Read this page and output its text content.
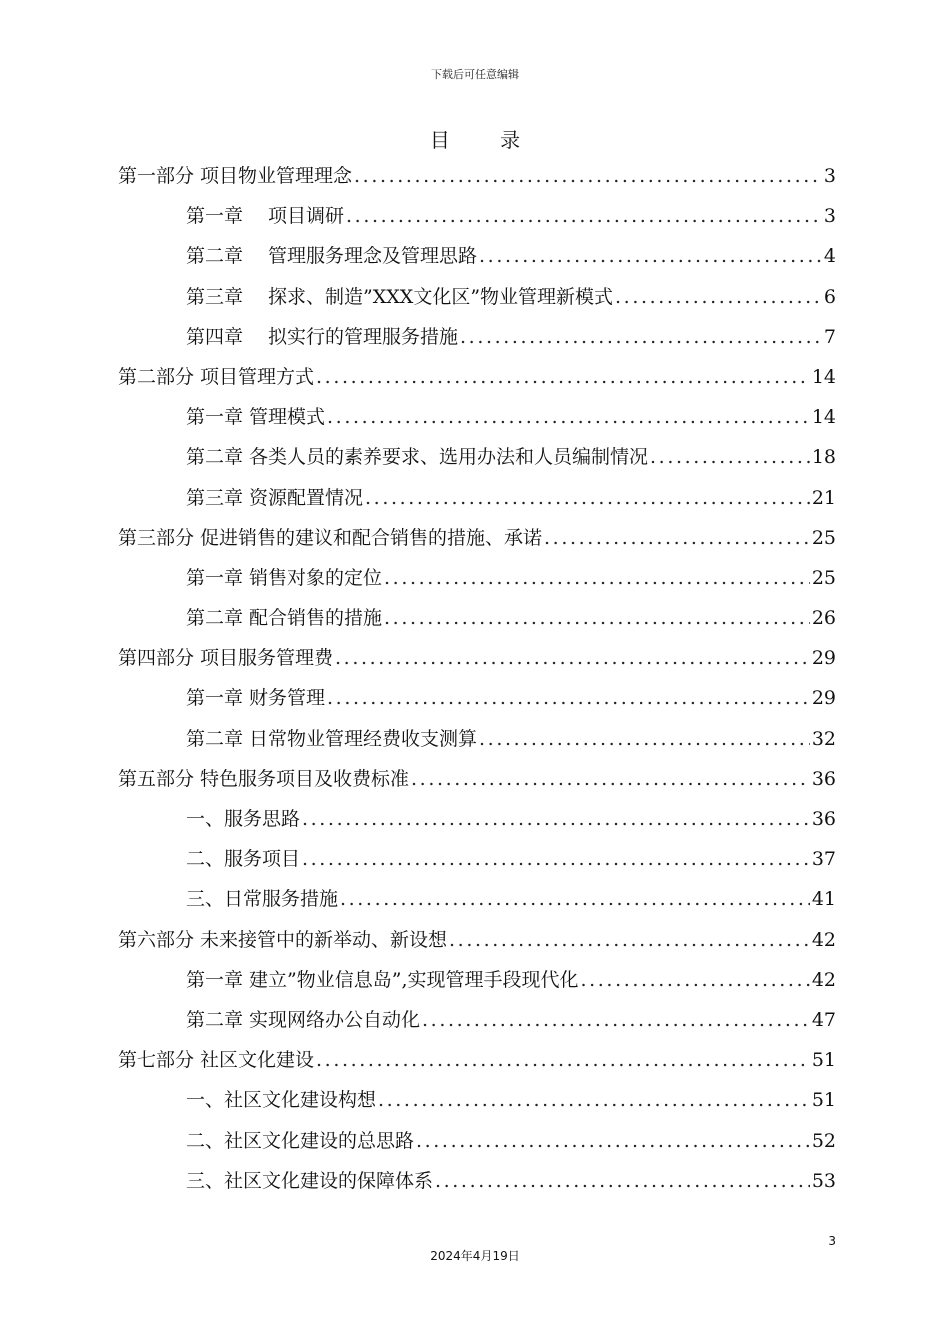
下载后可任意编辑
目 录
第一部分 项目物业管理理念 .....	3
第一章　 项目调研 .....	3
第二章　 管理服务理念及管理思路 .....	4
第三章　 探求、制造”XXX文化区”物业管理新模式 .....	6
第四章　 拟实行的管理服务措施 .....	7
第二部分 项目管理方式 .....	14
第一章 管理模式 .....	14
第二章 各类人员的素养要求、选用办法和人员编制情况 .....	18
第三章 资源配置情况 .....	21
第三部分 促进销售的建议和配合销售的措施、承诺 .....	25
第一章 销售对象的定位 .....	25
第二章 配合销售的措施 .....	26
第四部分 项目服务管理费 .....	29
第一章 财务管理 .....	29
第二章 日常物业管理经费收支测算 .....	32
第五部分 特色服务项目及收费标准 .....	36
一、服务思路 .....	36
二、服务项目 .....	37
三、日常服务措施 .....	41
第六部分 未来接管中的新举动、新设想 .....	42
第一章 建立”物业信息岛”,实现管理手段现代化 .....	42
第二章 实现网络办公自动化 .....	47
第七部分 社区文化建设 .....	51
一、社区文化建设构想 .....	51
二、社区文化建设的总思路 .....	52
三、社区文化建设的保障体系 .....	53
3
2024年4月19日
